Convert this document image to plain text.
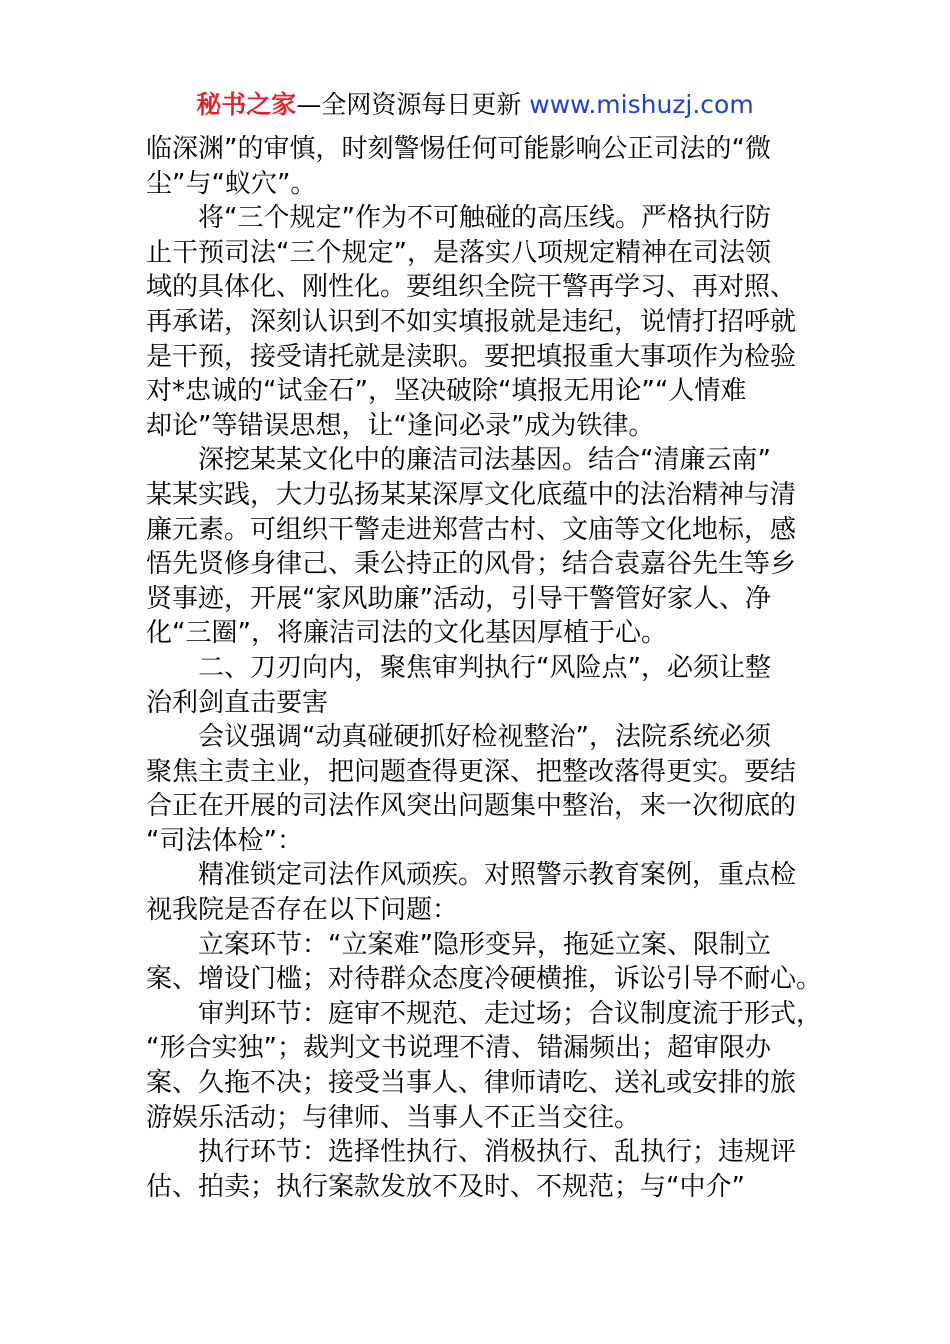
秘书之家—全网资源每日更新 www.mishuzj.com
临深渊”的审慎，时刻警惕任何可能影响公正司法的“微
尘”与“蚁穴”。
将“三个规定”作为不可触碰的高压线。严格执行防
止干预司法“三个规定”，是落实八项规定精神在司法领
域的具体化、刚性化。要组织全院干警再学习、再对照、
再承诺，深刻认识到不如实填报就是违纪，说情打招呼就
是干预，接受请托就是渎职。要把填报重大事项作为检验
对*忠诚的“试金石”，坚决破除“填报无用论”“人情难
却论”等错误思想，让“逢问必录”成为铁律。
深挖某某文化中的廉洁司法基因。结合“清廉云南”
某某实践，大力弘扬某某深厚文化底蕴中的法治精神与清
廉元素。可组织干警走进郑营古村、文庙等文化地标，感
悟先贤修身律己、秉公持正的风骨；结合袁嘉谷先生等乡
贤事迹，开展“家风助廉”活动，引导干警管好家人、净
化“三圈”，将廉洁司法的文化基因厚植于心。
二、刀刃向内，聚焦审判执行“风险点”，必须让整
治利剑直击要害
会议强调“动真碰硬抓好检视整治”，法院系统必须
聚焦主责主业，把问题查得更深、把整改落得更实。要结
合正在开展的司法作风突出问题集中整治，来一次彻底的
“司法体检”：
精准锁定司法作风顽疾。对照警示教育案例，重点检
视我院是否存在以下问题：
立案环节：“立案难”隐形变异，拖延立案、限制立
案、增设门槛；对待群众态度冷硬横推，诉讼引导不耐心。
审判环节：庭审不规范、走过场；合议制度流于形式，
“形合实独”；裁判文书说理不清、错漏频出；超审限办
案、久拖不决；接受当事人、律师请吃、送礼或安排的旅
游娱乐活动；与律师、当事人不正当交往。
执行环节：选择性执行、消极执行、乱执行；违规评
估、拍卖；执行案款发放不及时、不规范；与“中介”
